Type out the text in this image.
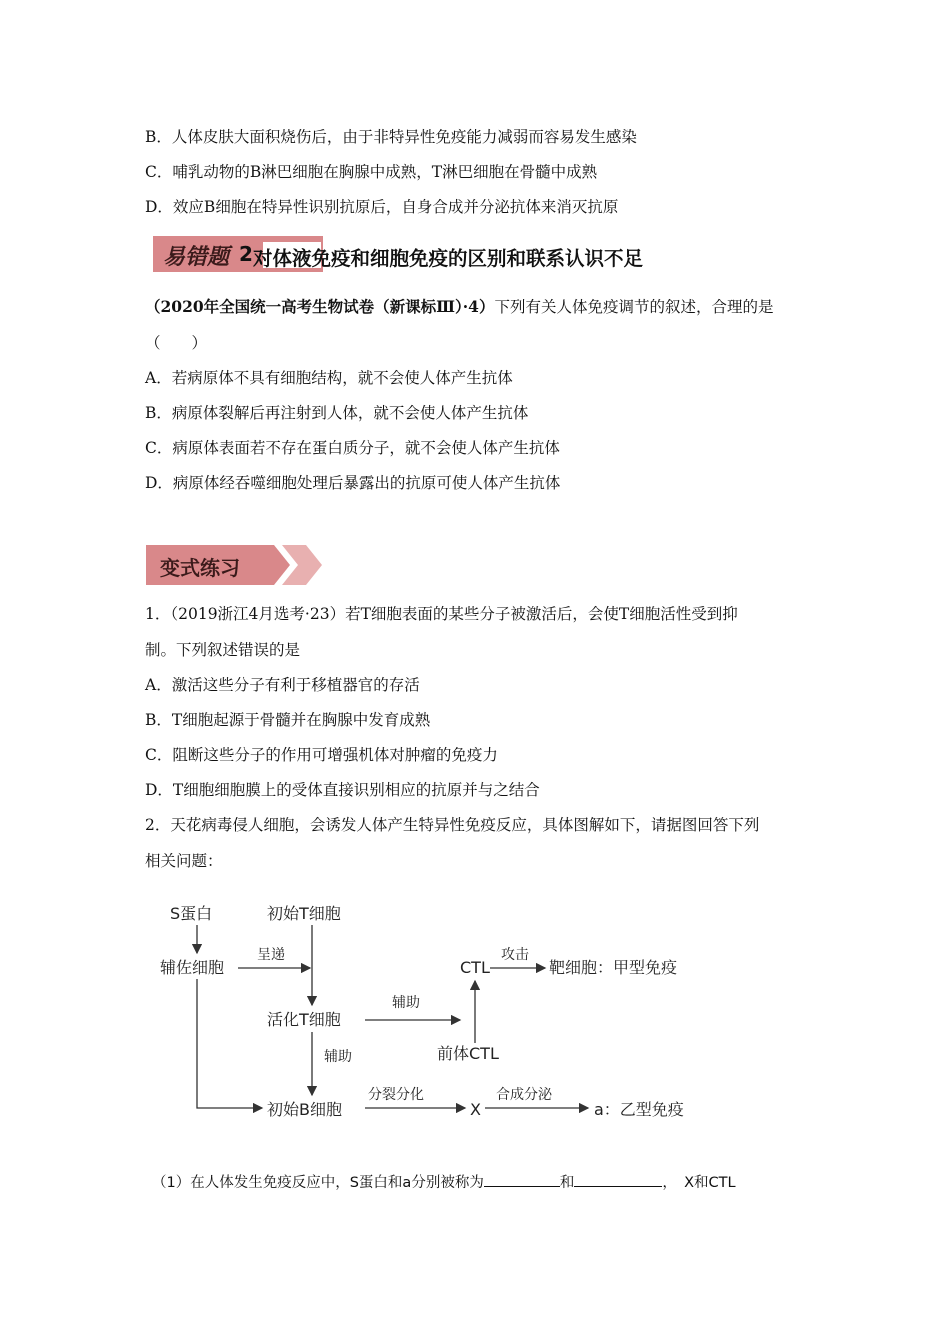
B．人体皮肤大面积烧伤后，由于非特异性免疫能力减弱而容易发生感染
C．哺乳动物的B淋巴细胞在胸腺中成熟，T淋巴细胞在骨髓中成熟
D．效应B细胞在特异性识别抗原后，自身合成并分泌抗体来消灭抗原
易错题 2 对体液免疫和细胞免疫的区别和联系认识不足
（2020年全国统一高考生物试卷（新课标Ⅲ）·4）下列有关人体免疫调节的叙述，合理的是
（　　）
A．若病原体不具有细胞结构，就不会使人体产生抗体
B．病原体裂解后再注射到人体，就不会使人体产生抗体
C．病原体表面若不存在蛋白质分子，就不会使人体产生抗体
D．病原体经吞噬细胞处理后暴露出的抗原可使人体产生抗体
变式练习
1．（2019浙江4月选考·23）若T细胞表面的某些分子被激活后，会使T细胞活性受到抑
制。下列叙述错误的是
A．激活这些分子有利于移植器官的存活
B．T细胞起源于骨髓并在胸腺中发育成熟
C．阻断这些分子的作用可增强机体对肿瘤的免疫力
D．T细胞细胞膜上的受体直接识别相应的抗原并与之结合
2．天花病毒侵人细胞，会诱发人体产生特异性免疫反应，具体图解如下，请据图回答下列
相关问题：
S蛋白	初始T细胞
辅佐细胞	CTL	靶细胞：甲型免疫
活化T细胞
前体CTL
初始B细胞	X	a：乙型免疫
呈递	攻击
辅助
辅助
分裂分化	合成分泌
（1）在人体发生免疫反应中，S蛋白和a分别被称为	和	，　X和CTL
